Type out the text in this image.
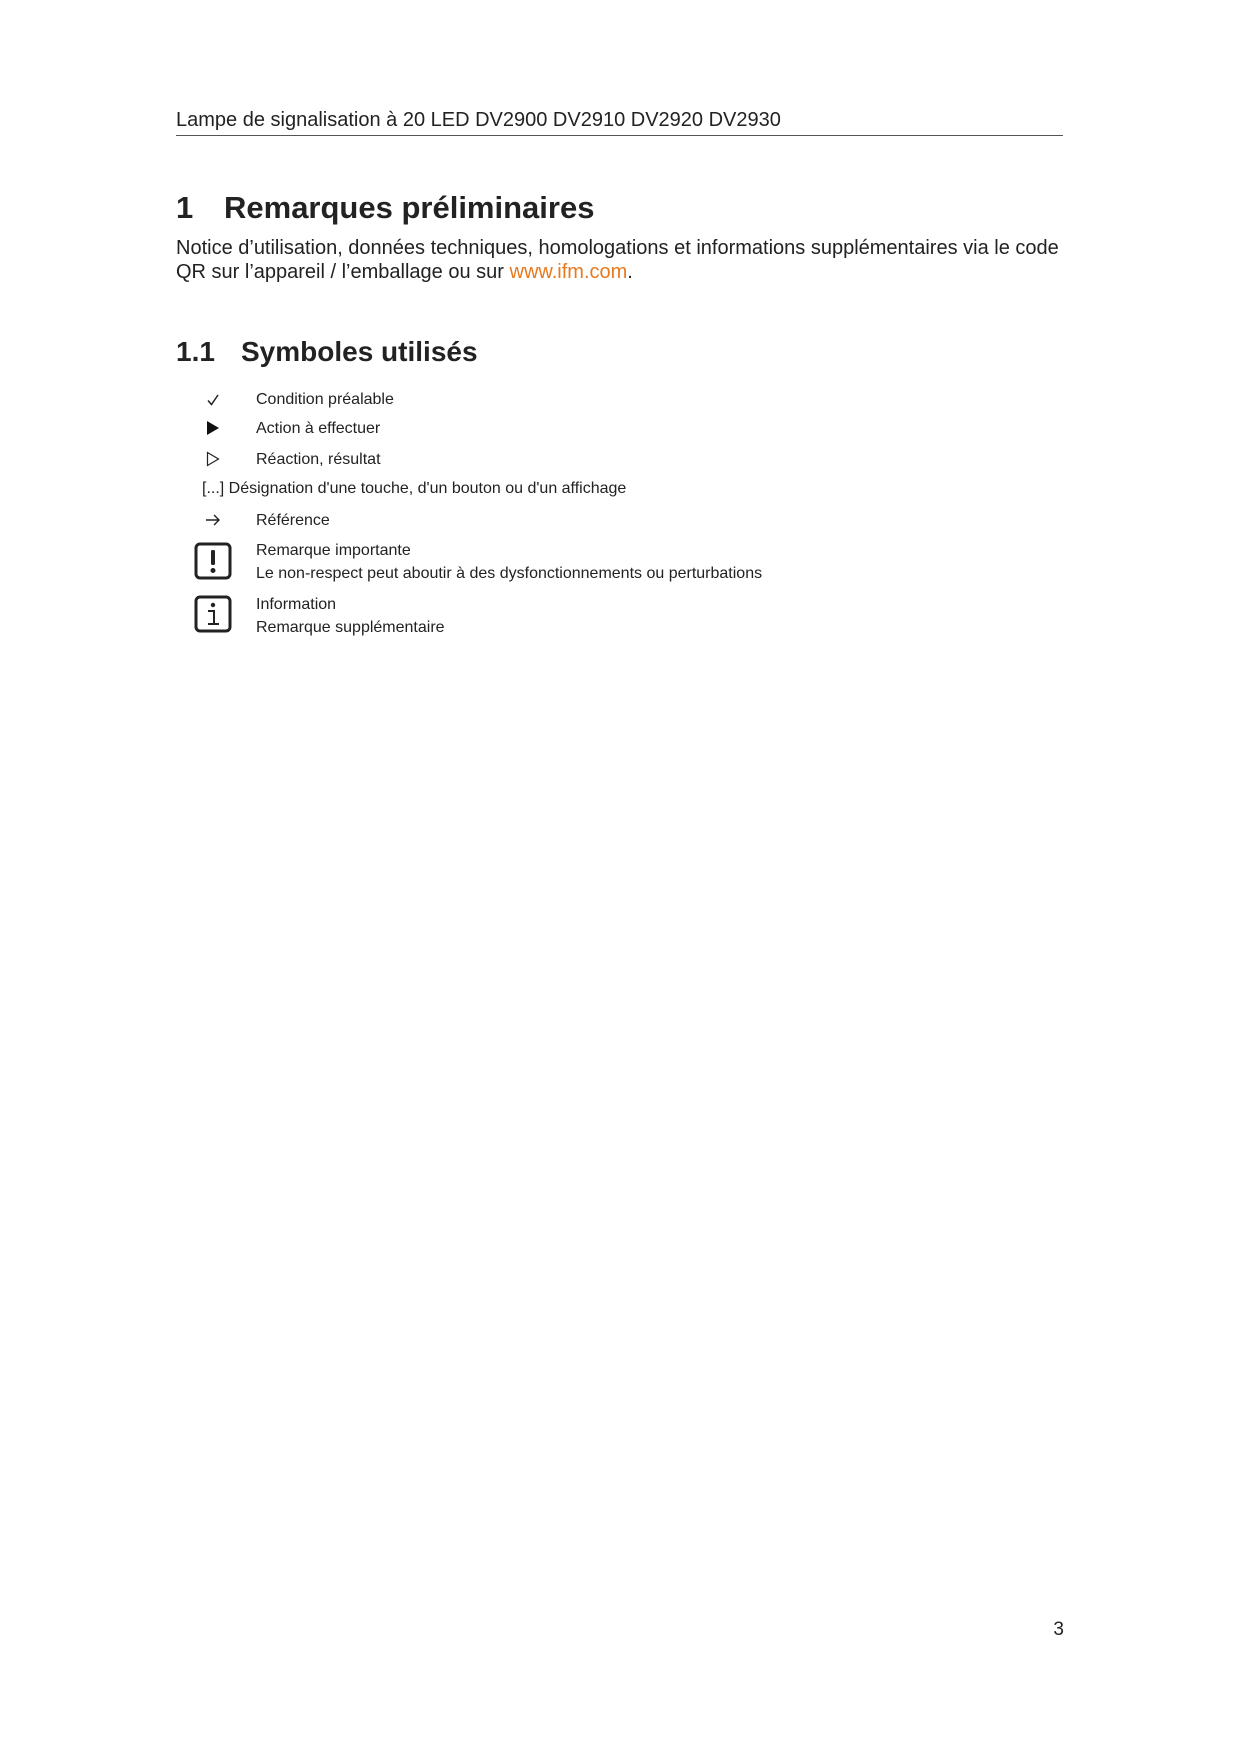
Lampe de signalisation à 20 LED DV2900 DV2910 DV2920 DV2930
1 Remarques préliminaires
Notice d’utilisation, données techniques, homologations et informations supplémentaires via le code
QR sur l’appareil / l’emballage ou sur www.ifm.com.
1.1 Symboles utilisés
Condition préalable
Action à effectuer
Réaction, résultat
[...] Désignation d'une touche, d'un bouton ou d'un affichage
Référence
Remarque importante
Le non-respect peut aboutir à des dysfonctionnements ou perturbations
Information
Remarque supplémentaire
3
